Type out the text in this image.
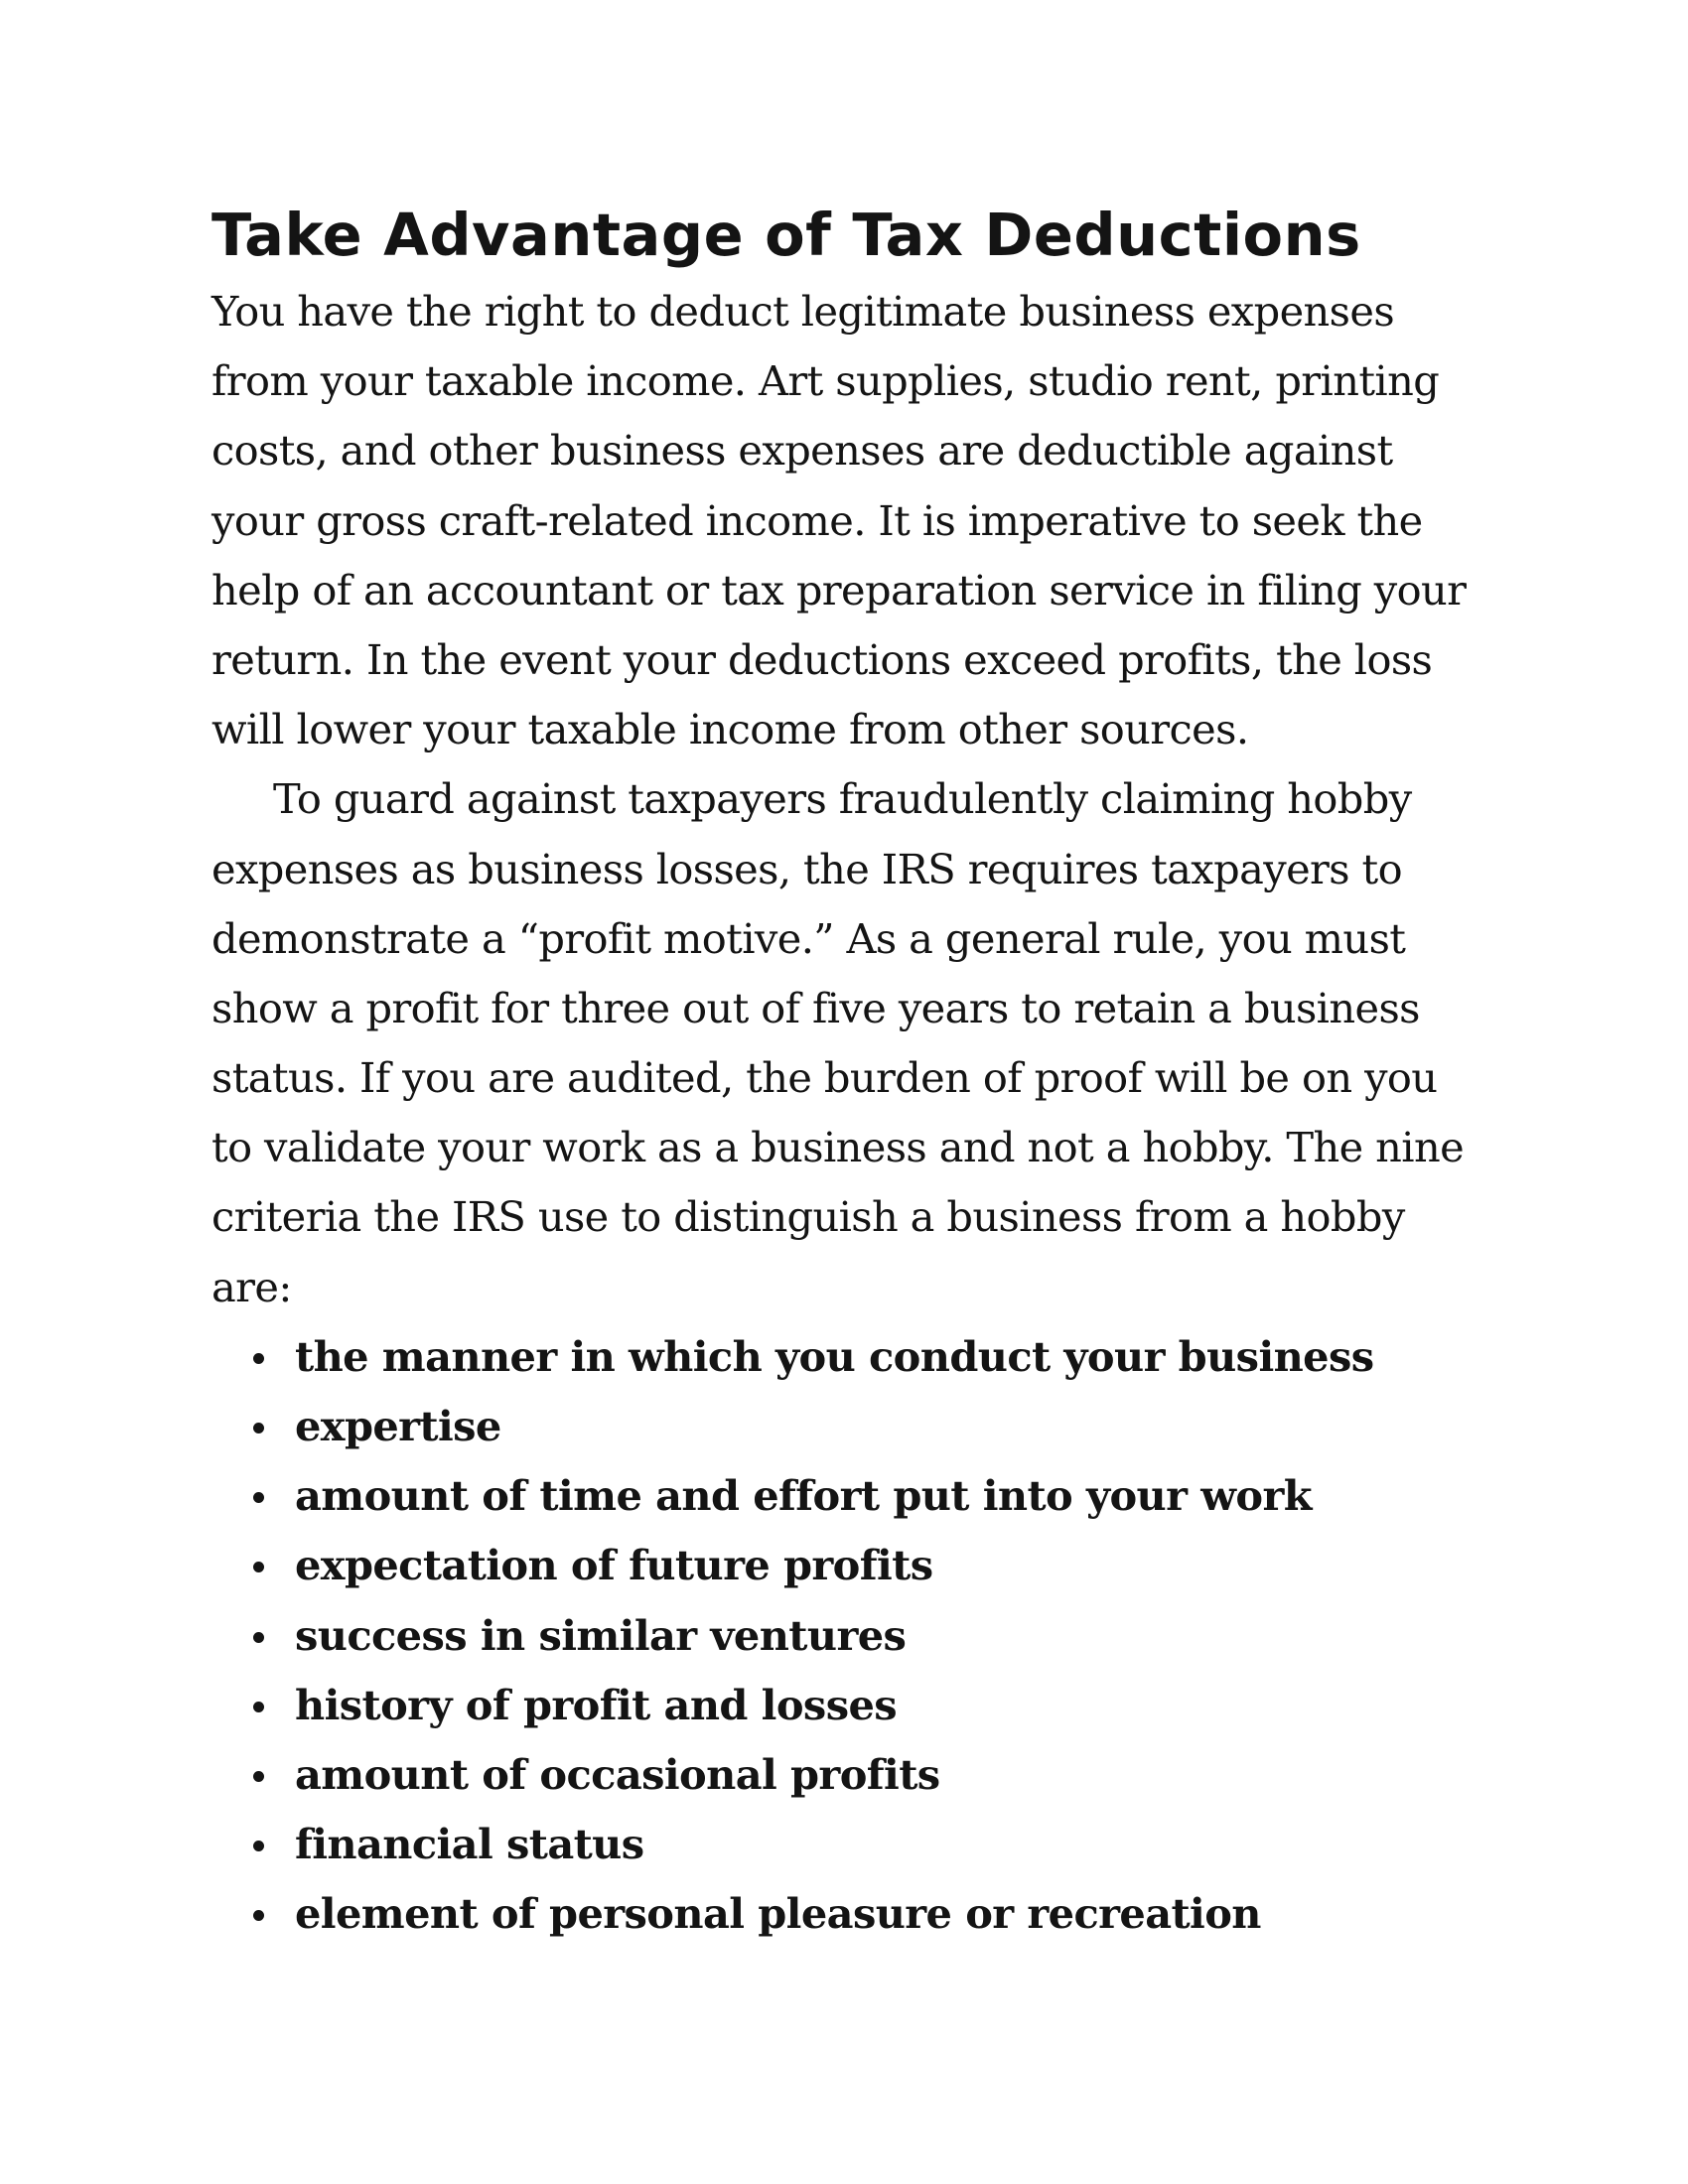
Take Advantage of Tax Deductions

You have the right to deduct legitimate business expenses
from your taxable income. Art supplies, studio rent, printing
costs, and other business expenses are deductible against
your gross craft-related income. It is imperative to seek the
help of an accountant or tax preparation service in filing your
return. In the event your deductions exceed profits, the loss
will lower your taxable income from other sources.

To guard against taxpayers fraudulently claiming hobby
expenses as business losses, the IRS requires taxpayers to
demonstrate a “profit motive.” As a general rule, you must
show a profit for three out of five years to retain a business
status. If you are audited, the burden of proof will be on you
to validate your work as a business and not a hobby. The nine
criteria the IRS use to distinguish a business from a hobby
are:

the manner in which you conduct your business
expertise
amount of time and effort put into your work
expectation of future profits
success in similar ventures
history of profit and losses
amount of occasional profits
financial status
element of personal pleasure or recreation
